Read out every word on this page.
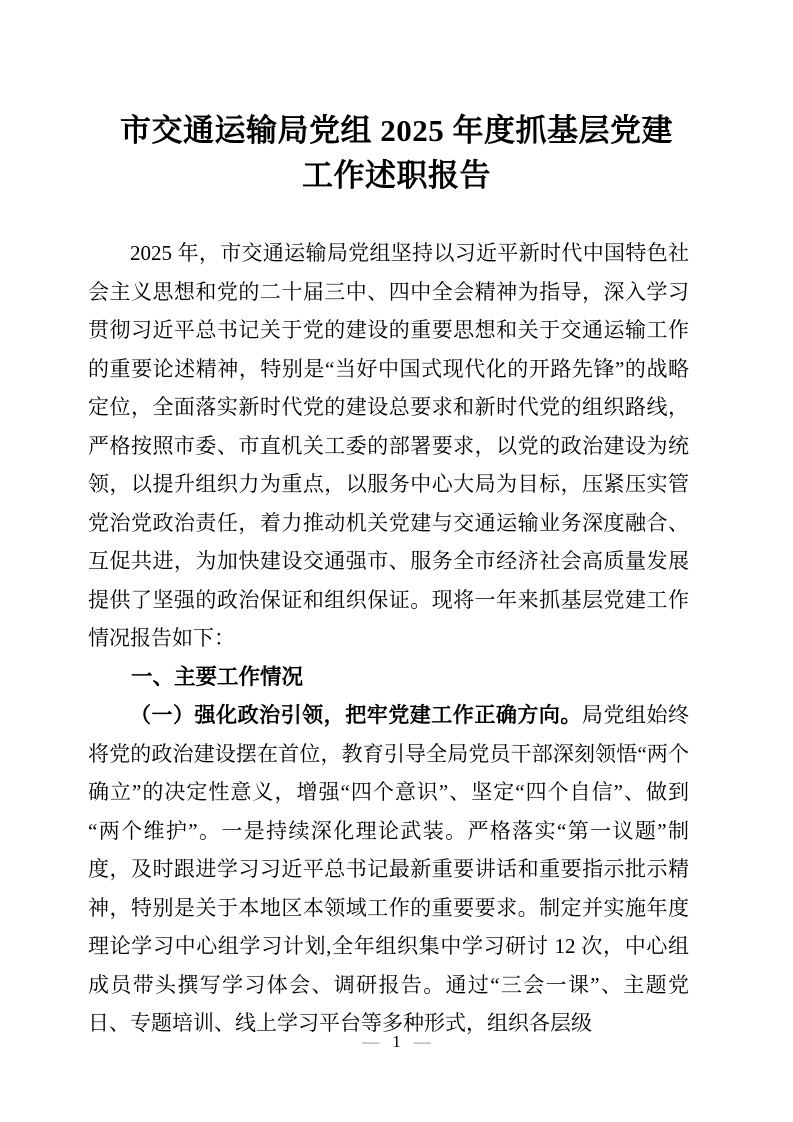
市交通运输局党组 2025 年度抓基层党建
工作述职报告

2025 年，市交通运输局党组坚持以习近平新时代中国特色社会主义思想和党的二十届三中、四中全会精神为指导，深入学习贯彻习近平总书记关于党的建设的重要思想和关于交通运输工作的重要论述精神，特别是“当好中国式现代化的开路先锋”的战略定位，全面落实新时代党的建设总要求和新时代党的组织路线，严格按照市委、市直机关工委的部署要求，以党的政治建设为统领，以提升组织力为重点，以服务中心大局为目标，压紧压实管党治党政治责任，着力推动机关党建与交通运输业务深度融合、互促共进，为加快建设交通强市、服务全市经济社会高质量发展提供了坚强的政治保证和组织保证。现将一年来抓基层党建工作情况报告如下：

一、主要工作情况

（一）强化政治引领，把牢党建工作正确方向。局党组始终将党的政治建设摆在首位，教育引导全局党员干部深刻领悟“两个确立”的决定性意义，增强“四个意识”、坚定“四个自信”、做到“两个维护”。一是持续深化理论武装。严格落实“第一议题”制度，及时跟进学习习近平总书记最新重要讲话和重要指示批示精神，特别是关于本地区本领域工作的重要要求。制定并实施年度理论学习中心组学习计划,全年组织集中学习研讨 12 次，中心组成员带头撰写学习体会、调研报告。通过“三会一课”、主题党日、专题培训、线上学习平台等多种形式，组织各层级

— 1 —
